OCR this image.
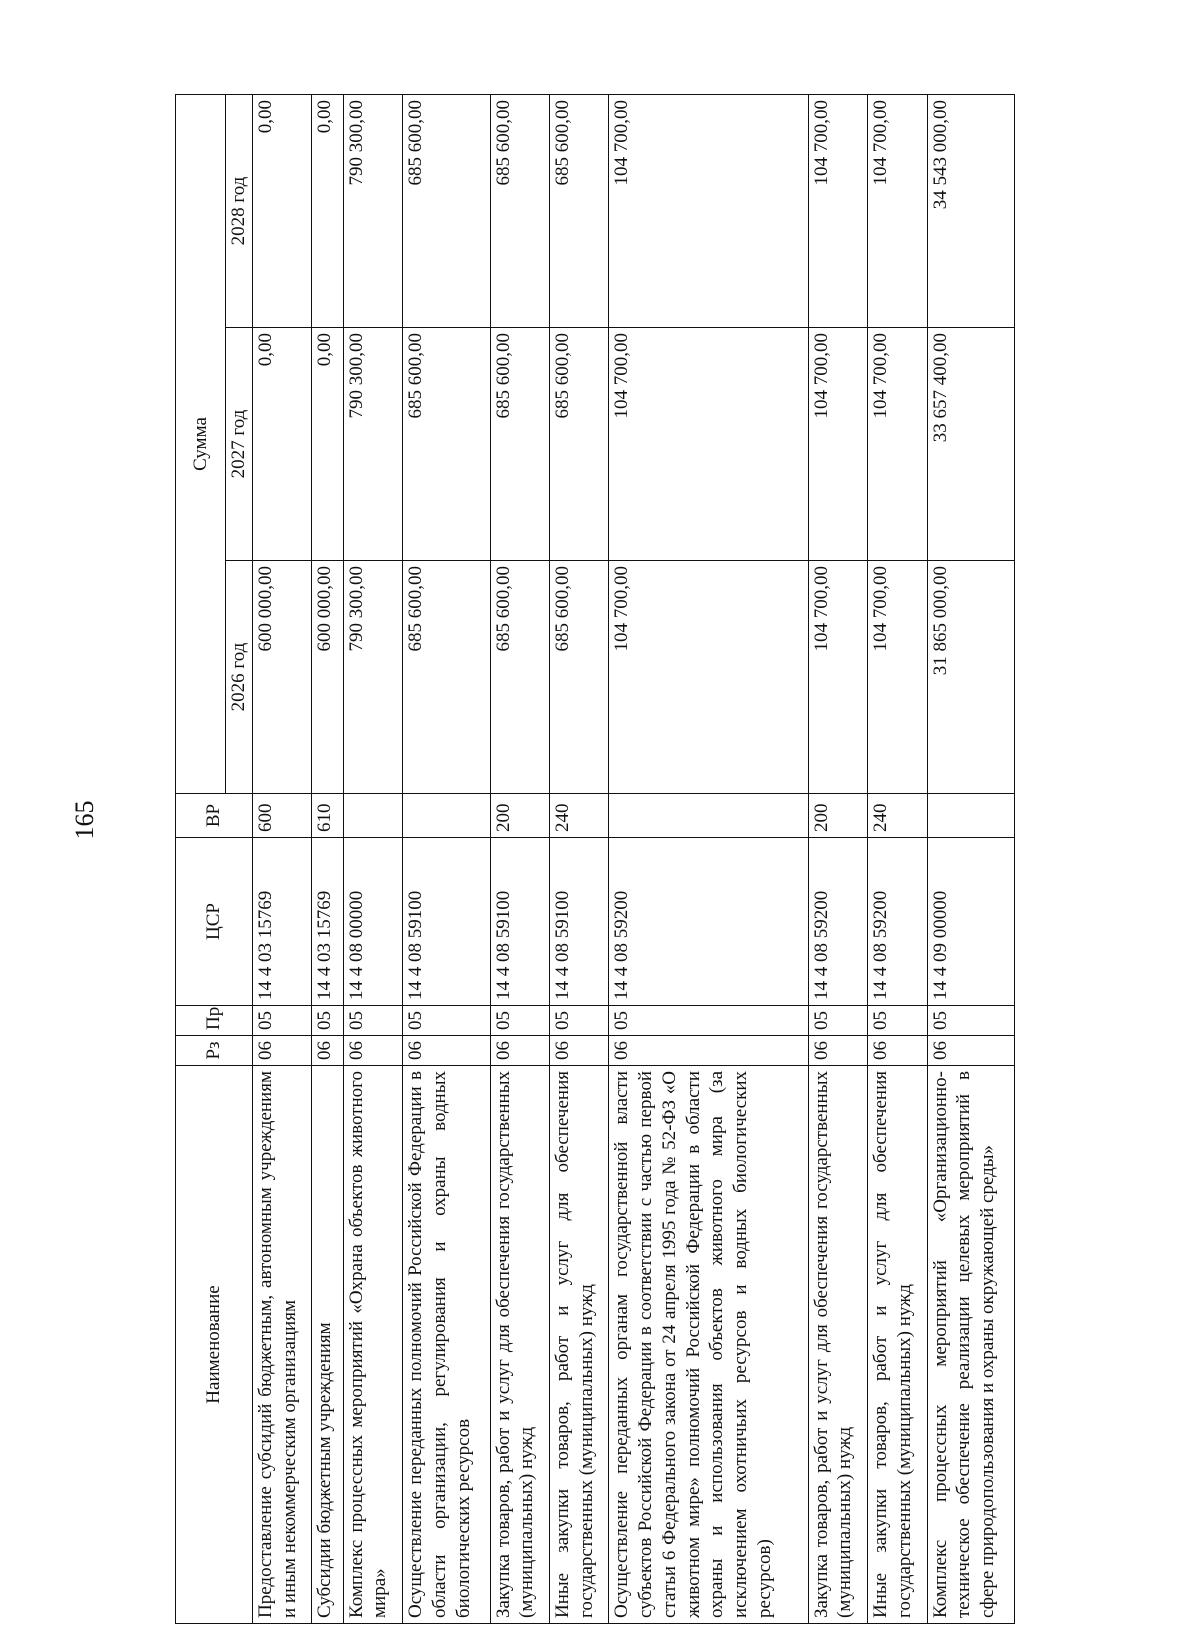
165
Наименование	Рз	Пр	ЦСР	ВР	Сумма		
					2026 год	2027 год	2028 год
Предоставление субсидий бюджетным, автономным учреждениям и иным некоммерческим организациям	06	05	14 4 03 15769	600	600 000,00	0,00	0,00
Субсидии бюджетным учреждениям	06	05	14 4 03 15769	610	600 000,00	0,00	0,00
Комплекс процессных мероприятий «Охрана объектов животного мира»	06	05	14 4 08 00000		790 300,00	790 300,00	790 300,00
Осуществление переданных полномочий Российской Федерации в области организации, регулирования и охраны водных биологических ресурсов	06	05	14 4 08 59100		685 600,00	685 600,00	685 600,00
Закупка товаров, работ и услуг для обеспечения государственных (муниципальных) нужд	06	05	14 4 08 59100	200	685 600,00	685 600,00	685 600,00
Иные закупки товаров, работ и услуг для обеспечения государственных (муниципальных) нужд	06	05	14 4 08 59100	240	685 600,00	685 600,00	685 600,00
Осуществление переданных органам государственной власти субъектов Российской Федерации в соответствии с частью первой статьи 6 Федерального закона от 24 апреля 1995 года № 52-ФЗ «О животном мире» полномочий Российской Федерации в области охраны и использования объектов животного мира (за исключением охотничьих ресурсов и водных биологических ресурсов)	06	05	14 4 08 59200		104 700,00	104 700,00	104 700,00
Закупка товаров, работ и услуг для обеспечения государственных (муниципальных) нужд	06	05	14 4 08 59200	200	104 700,00	104 700,00	104 700,00
Иные закупки товаров, работ и услуг для обеспечения государственных (муниципальных) нужд	06	05	14 4 08 59200	240	104 700,00	104 700,00	104 700,00
Комплекс процессных мероприятий «Организационно-техническое обеспечение реализации целевых мероприятий в сфере природопользования и охраны окружающей среды»	06	05	14 4 09 00000		31 865 000,00	33 657 400,00	34 543 000,00
